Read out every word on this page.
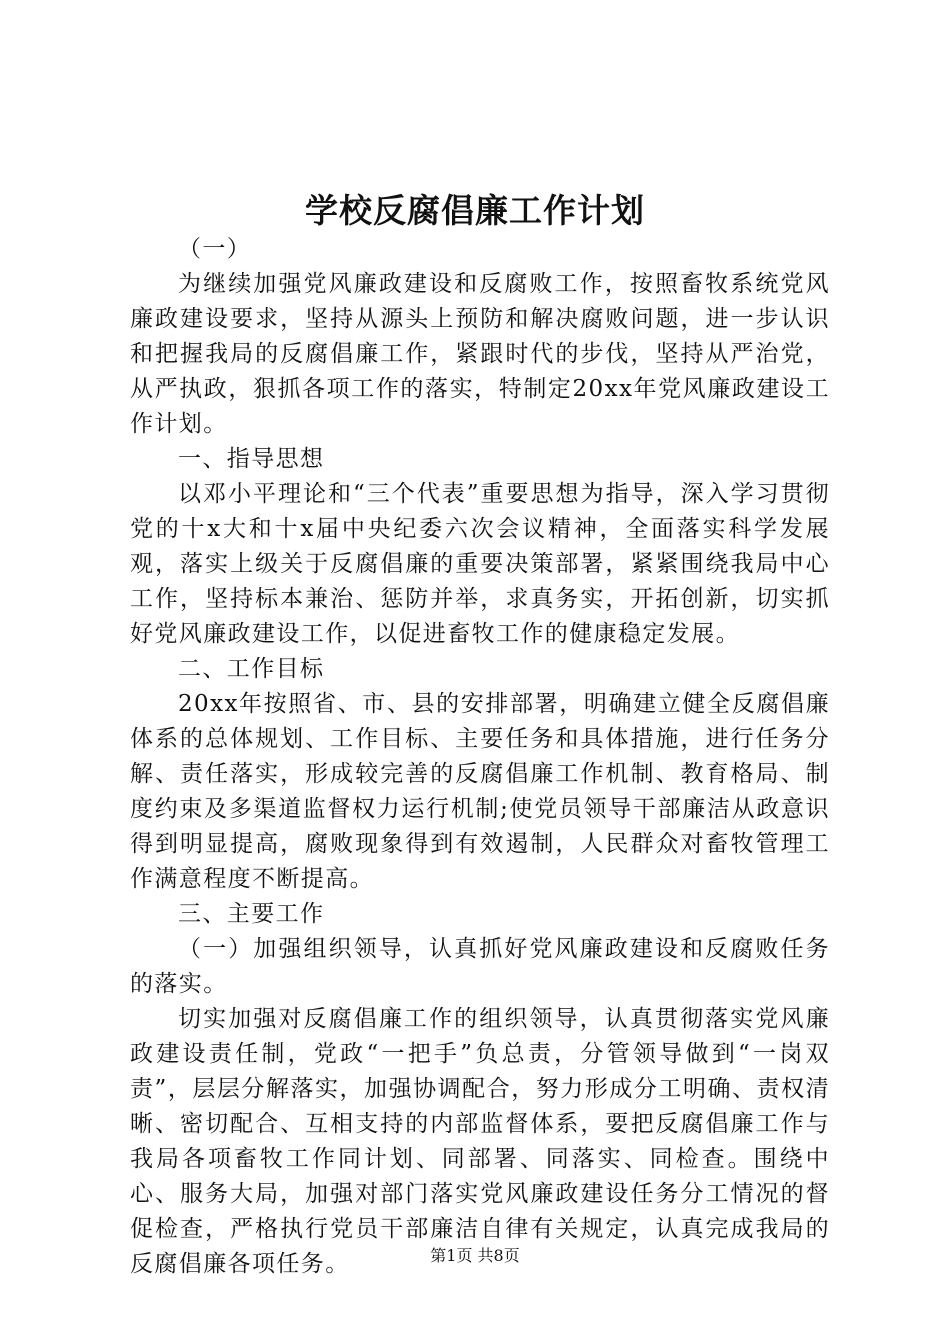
学校反腐倡廉工作计划

（一）

为继续加强党风廉政建设和反腐败工作，按照畜牧系统党风廉政建设要求，坚持从源头上预防和解决腐败问题，进一步认识和把握我局的反腐倡廉工作，紧跟时代的步伐，坚持从严治党，从严执政，狠抓各项工作的落实，特制定20xx年党风廉政建设工作计划。

一、指导思想

以邓小平理论和“三个代表”重要思想为指导，深入学习贯彻党的十x大和十x届中央纪委六次会议精神，全面落实科学发展观，落实上级关于反腐倡廉的重要决策部署，紧紧围绕我局中心工作，坚持标本兼治、惩防并举，求真务实，开拓创新，切实抓好党风廉政建设工作，以促进畜牧工作的健康稳定发展。

二、工作目标

20xx年按照省、市、县的安排部署，明确建立健全反腐倡廉体系的总体规划、工作目标、主要任务和具体措施，进行任务分解、责任落实，形成较完善的反腐倡廉工作机制、教育格局、制度约束及多渠道监督权力运行机制;使党员领导干部廉洁从政意识得到明显提高，腐败现象得到有效遏制，人民群众对畜牧管理工作满意程度不断提高。

三、主要工作

（一）加强组织领导，认真抓好党风廉政建设和反腐败任务的落实。

切实加强对反腐倡廉工作的组织领导，认真贯彻落实党风廉政建设责任制，党政“一把手”负总责，分管领导做到“一岗双责”，层层分解落实，加强协调配合，努力形成分工明确、责权清晰、密切配合、互相支持的内部监督体系，要把反腐倡廉工作与我局各项畜牧工作同计划、同部署、同落实、同检查。围绕中心、服务大局，加强对部门落实党风廉政建设任务分工情况的督促检查，严格执行党员干部廉洁自律有关规定，认真完成我局的反腐倡廉各项任务。	第1页 共8页
